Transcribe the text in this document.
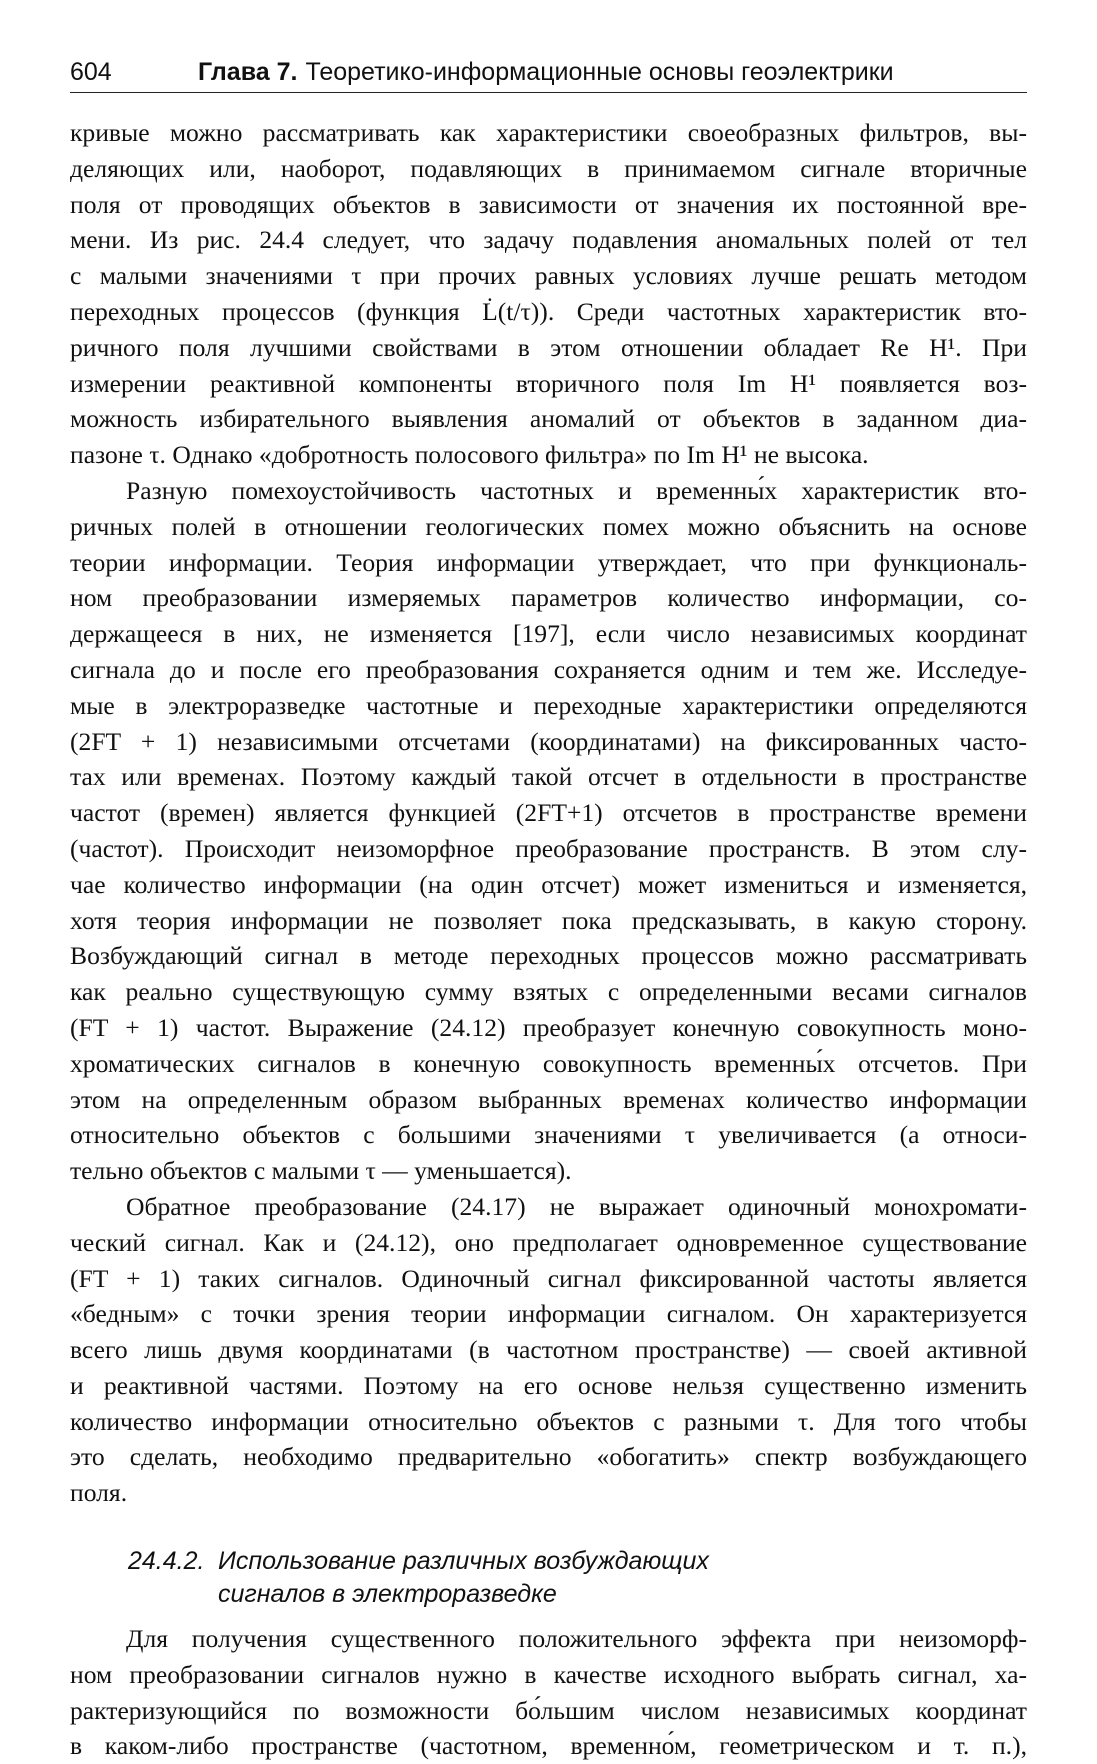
604	Глава 7. Теоретико-информационные основы геоэлектрики
кривые можно рассматривать как характеристики своеобразных фильтров, вы-
деляющих или, наоборот, подавляющих в принимаемом сигнале вторичные
поля от проводящих объектов в зависимости от значения их постоянной вре-
мени. Из рис. 24.4 следует, что задачу подавления аномальных полей от тел
с малыми значениями τ при прочих равных условиях лучше решать методом
переходных процессов (функция L̇(t/τ)). Среди частотных характеристик вто-
ричного поля лучшими свойствами в этом отношении обладает Re H¹. При
измерении реактивной компоненты вторичного поля Im H¹ появляется воз-
можность избирательного выявления аномалий от объектов в заданном диа-
пазоне τ. Однако «добротность полосового фильтра» по Im H¹ не высока.
Разную помехоустойчивость частотных и временны́х характеристик вто-
ричных полей в отношении геологических помех можно объяснить на основе
теории информации. Теория информации утверждает, что при функциональ-
ном преобразовании измеряемых параметров количество информации, со-
держащееся в них, не изменяется [197], если число независимых координат
сигнала до и после его преобразования сохраняется одним и тем же. Исследуе-
мые в электроразведке частотные и переходные характеристики определяются
(2FT + 1) независимыми отсчетами (координатами) на фиксированных часто-
тах или временах. Поэтому каждый такой отсчет в отдельности в пространстве
частот (времен) является функцией (2FT+1) отсчетов в пространстве времени
(частот). Происходит неизоморфное преобразование пространств. В этом слу-
чае количество информации (на один отсчет) может измениться и изменяется,
хотя теория информации не позволяет пока предсказывать, в какую сторону.
Возбуждающий сигнал в методе переходных процессов можно рассматривать
как реально существующую сумму взятых с определенными весами сигналов
(FT + 1) частот. Выражение (24.12) преобразует конечную совокупность моно-
хроматических сигналов в конечную совокупность временны́х отсчетов. При
этом на определенным образом выбранных временах количество информации
относительно объектов с большими значениями τ увеличивается (а относи-
тельно объектов с малыми τ — уменьшается).
Обратное преобразование (24.17) не выражает одиночный монохромати-
ческий сигнал. Как и (24.12), оно предполагает одновременное существование
(FT + 1) таких сигналов. Одиночный сигнал фиксированной частоты является
«бедным» с точки зрения теории информации сигналом. Он характеризуется
всего лишь двумя координатами (в частотном пространстве) — своей активной
и реактивной частями. Поэтому на его основе нельзя существенно изменить
количество информации относительно объектов с разными τ. Для того чтобы
это сделать, необходимо предварительно «обогатить» спектр возбуждающего
поля.
24.4.2. Использование различных возбуждающих
сигналов в электроразведке
Для получения существенного положительного эффекта при неизоморф-
ном преобразовании сигналов нужно в качестве исходного выбрать сигнал, ха-
рактеризующийся по возможности бо́льшим числом независимых координат
в каком-либо пространстве (частотном, временно́м, геометрическом и т. п.),
